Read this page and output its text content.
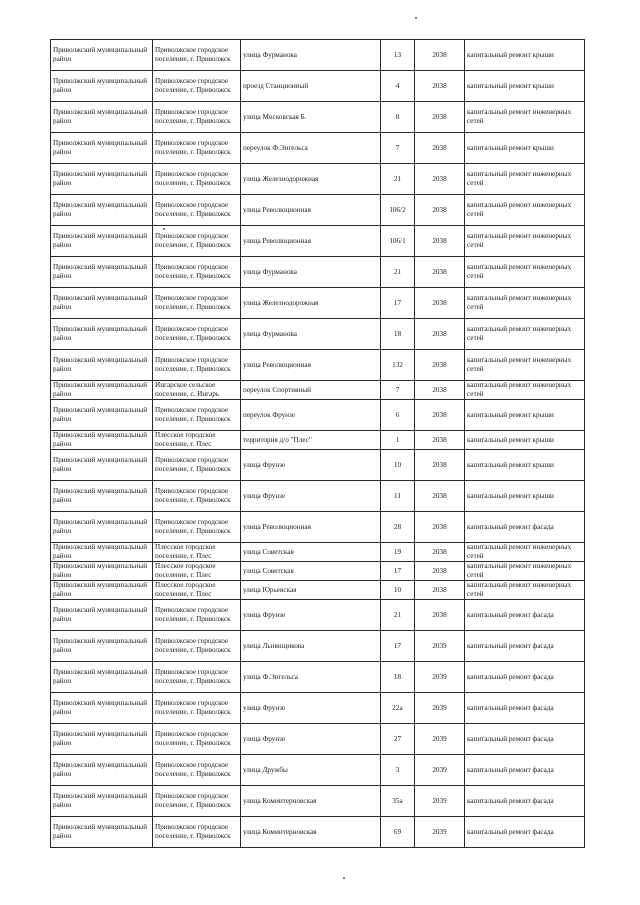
Приволжский муниципальный район	Приволжское городское поселение, г. Приволжск	улица Фурманова	13	2038	капитальный ремонт крыши
Приволжский муниципальный район	Приволжское городское поселение, г. Приволжск	проезд Станционный	4	2038	капитальный ремонт крыши
Приволжский муниципальный район	Приволжское городское поселение, г. Приволжск	улица Московская Б.	8	2038	капитальный ремонт инженерных сетей
Приволжский муниципальный район	Приволжское городское поселение, г. Приволжск	переулок Ф.Энгельса	7	2038	капитальный ремонт крыши
Приволжский муниципальный район	Приволжское городское поселение, г. Приволжск	улица Железнодорожная	21	2038	капитальный ремонт инженерных сетей
Приволжский муниципальный район	Приволжское городское поселение, г. Приволжск	улица Революционная	106/2	2038	капитальный ремонт инженерных сетей
Приволжский муниципальный район	Приволжское городское поселение, г. Приволжск	улица Революционная	106/1	2038	капитальный ремонт инженерных сетей
Приволжский муниципальный район	Приволжское городское поселение, г. Приволжск	улица Фурманова	21	2038	капитальный ремонт инженерных сетей
Приволжский муниципальный район	Приволжское городское поселение, г. Приволжск	улица Железнодорожная	17	2038	капитальный ремонт инженерных сетей
Приволжский муниципальный район	Приволжское городское поселение, г. Приволжск	улица Фурманова	18	2038	капитальный ремонт инженерных сетей
Приволжский муниципальный район	Приволжское городское поселение, г. Приволжск	улица Революционная	132	2038	капитальный ремонт инженерных сетей
Приволжский муниципальный район	Ингарское сельское поселение, с. Ингарь	переулок Спортивный	7	2038	капитальный ремонт инженерных сетей
Приволжский муниципальный район	Приволжское городское поселение, г. Приволжск	переулок Фрунзе	6	2038	капитальный ремонт крыши
Приволжский муниципальный район	Плесское городское поселение, г. Плес	территория д/о "Плес"	1	2038	капитальный ремонт крыши
Приволжский муниципальный район	Приволжское городское поселение, г. Приволжск	улица Фрунзе	10	2038	капитальный ремонт крыши
Приволжский муниципальный район	Приволжское городское поселение, г. Приволжск	улица Фрунзе	11	2038	капитальный ремонт крыши
Приволжский муниципальный район	Приволжское городское поселение, г. Приволжск	улица Революционная	28	2038	капитальный ремонт фасада
Приволжский муниципальный район	Плесское городское поселение, г. Плес	улица Советская	19	2038	капитальный ремонт инженерных сетей
Приволжский муниципальный район	Плесское городское поселение, г. Плес	улица Советская	17	2038	капитальный ремонт инженерных сетей
Приволжский муниципальный район	Плесское городское поселение, г. Плес	улица Юрьевская	10	2038	капитальный ремонт инженерных сетей
Приволжский муниципальный район	Приволжское городское поселение, г. Приволжск	улица Фрунзе	21	2038	капитальный ремонт фасада
Приволжский муниципальный район	Приволжское городское поселение, г. Приволжск	улица Льнянщикова	17	2039	капитальный ремонт фасада
Приволжский муниципальный район	Приволжское городское поселение, г. Приволжск	улица Ф.Энгельса	18	2039	капитальный ремонт фасада
Приволжский муниципальный район	Приволжское городское поселение, г. Приволжск	улица Фрунзе	22а	2039	капитальный ремонт фасада
Приволжский муниципальный район	Приволжское городское поселение, г. Приволжск	улица Фрунзе	27	2039	капитальный ремонт фасада
Приволжский муниципальный район	Приволжское городское поселение, г. Приволжск	улица Дружбы	3	2039	капитальный ремонт фасада
Приволжский муниципальный район	Приволжское городское поселение, г. Приволжск	улица Коминтерновская	35а	2039	капитальный ремонт фасада
Приволжский муниципальный район	Приволжское городское поселение, г. Приволжск	улица Коминтерновская	69	2039	капитальный ремонт фасада
